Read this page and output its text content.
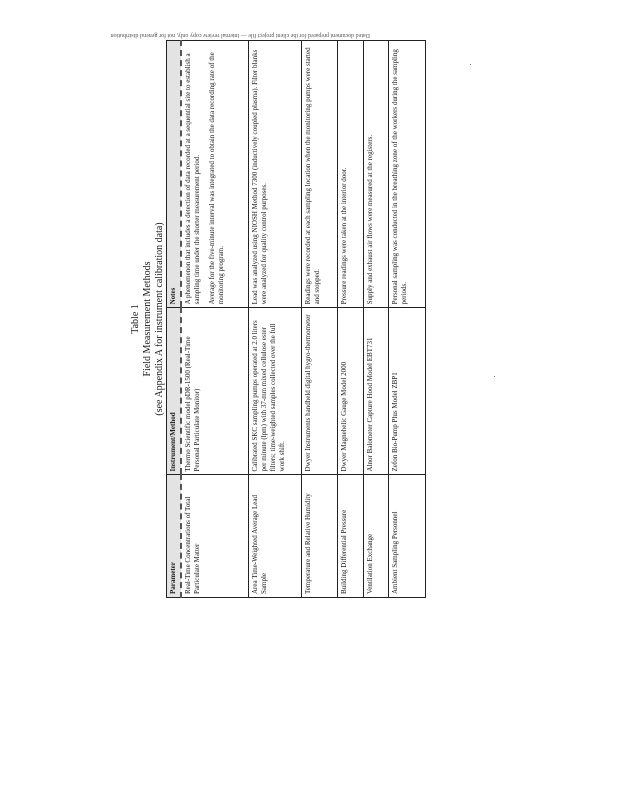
Table 1 Field Measurement Methods (see Appendix A for instrument calibration data)
Parameter	Instrument/Method	Notes
Real-Time Concentrations of Total Particulate Matter	Thermo Scientific model pDR-1500 (Real-Time Personal Particulate Monitor)	A phenomenon that includes a detection of data recorded at a sequential site to establish a sampling time under the shorter measurement period. Average for the five-minute interval was integrated to obtain the data recording rate of the monitoring program.

Area Time-Weighted Average Lead Sample	Calibrated SKC sampling pumps operated at 2.0 liters per minute (lpm) with 37-mm mixed cellulose ester filters; time-weighted samples collected over the full work shift.	Lead was analyzed using NIOSH Method 7300 (inductively coupled plasma). Filter blanks were analyzed for quality control purposes.

Temperature and Relative Humidity	Dwyer Instruments handheld digital hygro-thermometer	Readings were recorded at each sampling location when the monitoring pumps were started and stopped.

Building Differential Pressure	Dwyer Magnehelic Gauge Model 2000	Pressure readings were taken at the interior door.

Ventilation Exchange	Alnor Balometer Capture Hood Model EBT731	Supply and exhaust air flows were measured at the registers.

Ambient Sampling Personnel	Zefon Bio-Pump Plus Model ZBP1	Personal sampling was conducted in the breathing zone of the workers during the sampling periods.

Dated document prepared for the client project file — internal review copy only, not for general distribution
